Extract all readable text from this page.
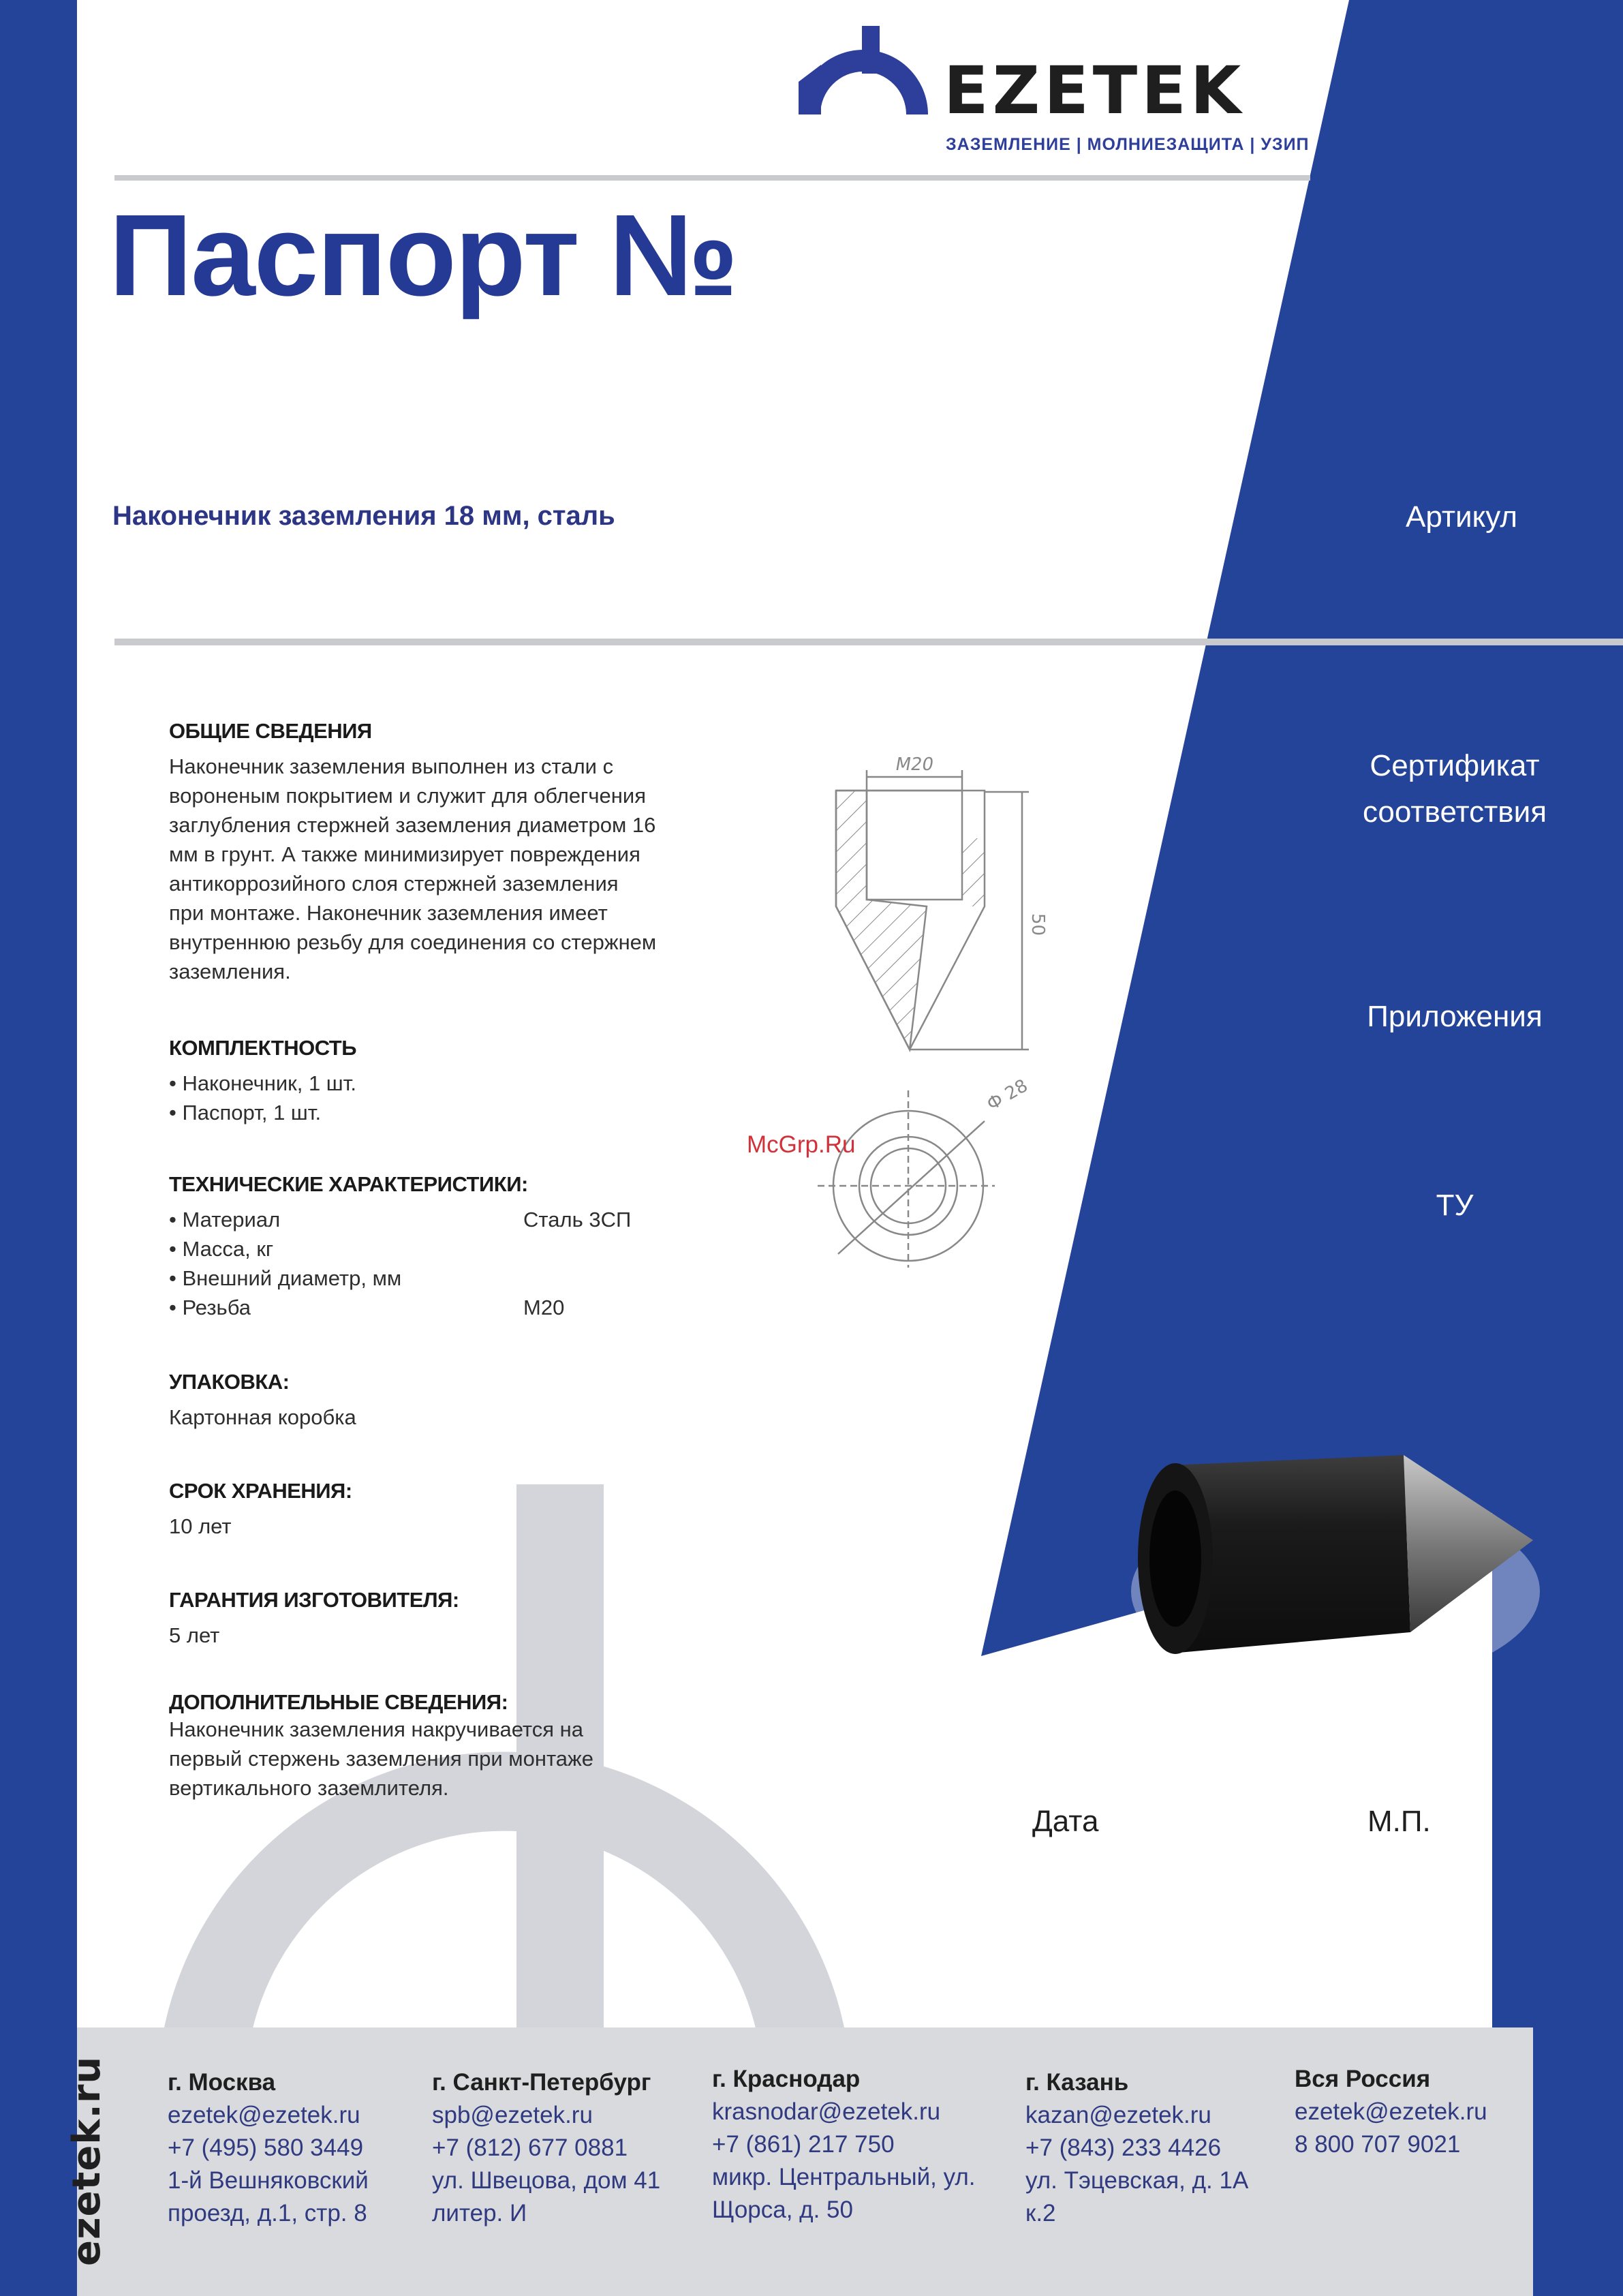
EZETEK
ЗАЗЕМЛЕНИЕ | МОЛНИЕЗАЩИТА | УЗИП
Паспорт №
Наконечник заземления 18 мм, сталь	Артикул
Сертификат
соответствия
Приложения
ТУ

ОБЩИЕ СВЕДЕНИЯ

Наконечник заземления выполнен из стали с

вороненым покрытием и служит для облегчения

заглубления стержней заземления диаметром 16

мм в грунт. А также минимизирует повреждения

антикоррозийного слоя стержней заземления

при монтаже. Наконечник заземления имеет

внутреннюю резьбу для соединения со стержнем

заземления.

КОМПЛЕКТНОСТЬ

• Наконечник, 1 шт.

• Паспорт, 1 шт.

ТЕХНИЧЕСКИЕ ХАРАКТЕРИСТИКИ:

• Материал	Сталь 3СП
• Масса, кг
• Внешний диаметр, мм
• Резьба	М20

УПАКОВКА:

Картонная коробка

СРОК ХРАНЕНИЯ:

10 лет

ГАРАНТИЯ ИЗГОТОВИТЕЛЯ:

5 лет

ДОПОЛНИТЕЛЬНЫЕ СВЕДЕНИЯ:

Наконечник заземления накручивается на

первый стержень заземления при монтаже

вертикального заземлителя.

M20
50
Ф 28
McGrp.Ru
Дата	М.П.
ezetek.ru г. Москва
ezetek@ezetek.ru
+7 (495) 580 3449
1-й Вешняковский
проезд, д.1, стр. 8
г. Санкт-Петербург
spb@ezetek.ru
+7 (812) 677 0881
ул. Швецова, дом 41
литер. И
г. Краснодар
krasnodar@ezetek.ru
+7 (861) 217 750
микр. Центральный, ул.
Щорса, д. 50
г. Казань
kazan@ezetek.ru
+7 (843) 233 4426
ул. Тэцевская, д. 1А
к.2
Вся Россия
ezetek@ezetek.ru
8 800 707 9021
